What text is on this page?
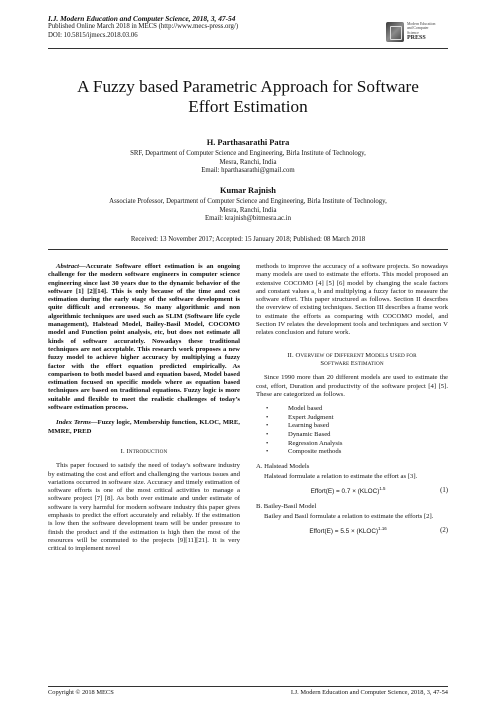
I.J. Modern Education and Computer Science, 2018, 3, 47-54
Published Online March 2018 in MECS (http://www.mecs-press.org/)
DOI: 10.5815/ijmecs.2018.03.06
Modern Education
and Computer
Science
PRESS
A Fuzzy based Parametric Approach for Software
Effort Estimation
H. Parthasarathi Patra
SRF, Department of Computer Science and Engineering, Birla Institute of Technology,
Mesra, Ranchi, India
Email: hparthasarathi@gmail.com
Kumar Rajnish
Associate Professor, Department of Computer Science and Engineering, Birla Institute of Technology,
Mesra, Ranchi, India
Email: krajnish@bitmesra.ac.in
Received: 13 November 2017; Accepted: 15 January 2018; Published: 08 March 2018

Abstract—Accurate Software effort estimation is an ongoing challenge for the modern software engineers in computer science engineering since last 30 years due to the dynamic behavior of the software [1] [2][14]. This is only because of the time and cost estimation during the early stage of the software development is quite difficult and erroneous. So many algorithmic and non algorithmic techniques are used such as SLIM (Software life cycle management), Halstead Model, Bailey-Basil Model, COCOMO model and Function point analysis, etc, but does not estimate all kinds of software accurately. Nowadays these traditional techniques are not acceptable. This research work proposes a new fuzzy model to achieve higher accuracy by multiplying a fuzzy factor with the effort equation predicted empirically. As comparison to both model based and equation based, Model based estimation focused on specific models where as equation based techniques are based on traditional equations. Fuzzy logic is more suitable and flexible to meet the realistic challenges of today’s software estimation process.

Index Terms—Fuzzy logic, Membership function, KLOC, MRE, MMRE, PRED

I. INTRODUCTION

This paper focused to satisfy the need of today’s software industry by estimating the cost and effort and challenging the various issues and variations occurred in software size. Accuracy and timely estimation of software efforts is one of the most critical activities to manage a software project [7] [8]. As both over estimate and under estimate of software is very harmful for modern software industry this paper gives emphasis to predict the effort accurately and reliably. If the estimation is low then the software development team will be under pressure to finish the product and if the estimation is high then the most of the resources will be commuted to the projects [9][11][21]. It is very critical to implement novel

methods to improve the accuracy of a software projects. So nowadays many models are used to estimate the efforts. This model proposed an extensive COCOMO [4] [5] [6] model by changing the scale factors and constant values a, b and multiplying a fuzzy factor to measure the software effort. This paper structured as follows. Section II describes the overview of existing techniques. Section III describes a frame work to estimate the efforts as comparing with COCOMO model, and Section IV relates the development tools and techniques and section V relates conclusion and future work.

II. OVERVIEW OF DIFFERENT MODELS USED FOR
SOFTWARE ESTIMATION

Since 1990 more than 20 different models are used to estimate the cost, effort, Duration and productivity of the software project [4] [5]. These are categorized as follows.

• Model based
• Expert Judgment
• Learning based
• Dynamic Based
• Regression Analysis
• Composite methods
A. Halstead Models

Halstead formulate a relation to estimate the effort as [3].

Effort(E) = 0.7 × (KLOC)$^{1.5}$	(1)
B. Bailey-Basil Model

Bailey and Basil formulate a relation to estimate the efforts [2].

Effort(E) = 5.5 × (KLOC)$^{1.16}$	(2)
Copyright © 2018 MECS	I.J. Modern Education and Computer Science, 2018, 3, 47-54
